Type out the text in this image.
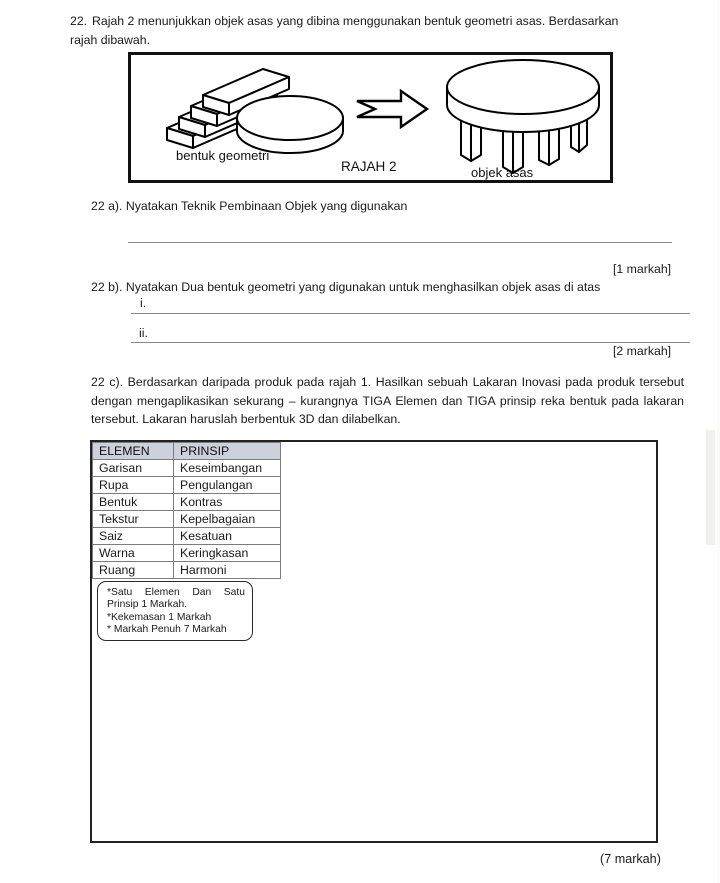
22. Rajah 2 menunjukkan objek asas yang dibina menggunakan bentuk geometri asas. Berdasarkan
rajah dibawah.
bentuk geometri
RAJAH 2	objek asas
22 a). Nyatakan Teknik Pembinaan Objek yang digunakan
[1 markah]
22 b). Nyatakan Dua bentuk geometri yang digunakan untuk menghasilkan objek asas di atas
i.
ii.
[2 markah]
22 c). Berdasarkan daripada produk pada rajah 1. Hasilkan sebuah Lakaran Inovasi pada produk tersebut dengan mengaplikasikan sekurang – kurangnya TIGA Elemen dan TIGA prinsip reka bentuk pada lakaran tersebut. Lakaran haruslah berbentuk 3D dan dilabelkan.
ELEMEN	PRINSIP
Garisan	Keseimbangan
Rupa	Pengulangan
Bentuk	Kontras
Tekstur	Kepelbagaian
Saiz	Kesatuan
Warna	Keringkasan
Ruang	Harmoni
*Satu Elemen Dan Satu Prinsip 1 Markah.
*Kekemasan 1 Markah
* Markah Penuh 7 Markah
(7 markah)
